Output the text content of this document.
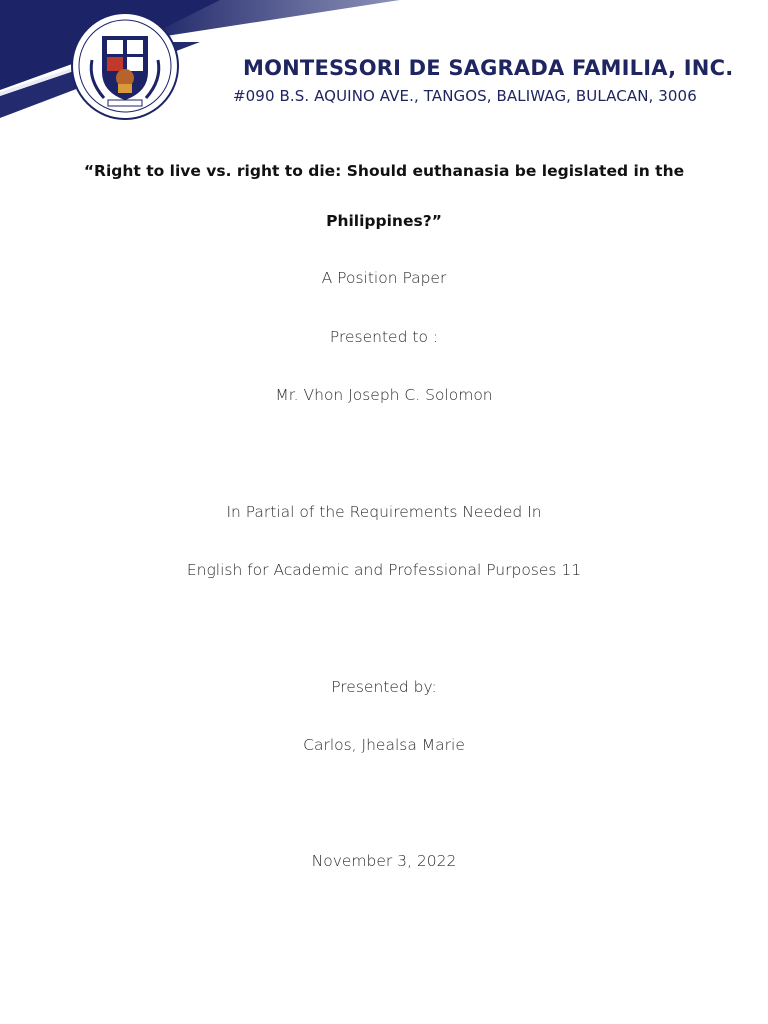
MONTESSORI DE SAGRADA FAMILIA, INC.
#090 B.S. AQUINO AVE., TANGOS, BALIWAG, BULACAN, 3006
“Right to live vs. right to die: Should euthanasia be legislated in the
Philippines?”
A Position Paper
Presented to :
Mr. Vhon Joseph C. Solomon
In Partial of the Requirements Needed In
English for Academic and Professional Purposes 11
Presented by:
Carlos, Jhealsa Marie
November 3, 2022
